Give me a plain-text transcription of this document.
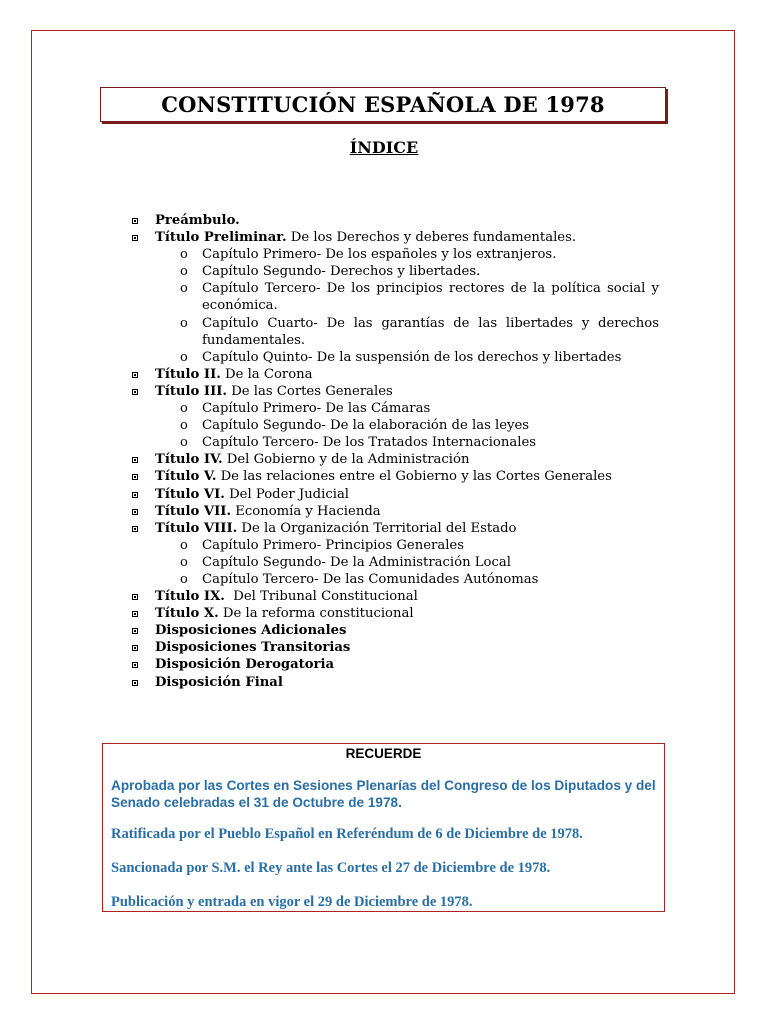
CONSTITUCIÓN ESPAÑOLA DE 1978
ÍNDICE
Preámbulo.
Título Preliminar. De los Derechos y deberes fundamentales.
o Capítulo Primero- De los españoles y los extranjeros.
o Capítulo Segundo- Derechos y libertades.
o Capítulo Tercero- De los principios rectores de la política social y económica.
o Capítulo Cuarto- De las garantías de las libertades y derechos fundamentales.
o Capítulo Quinto- De la suspensión de los derechos y libertades
Título II. De la Corona
Título III. De las Cortes Generales
o Capítulo Primero- De las Cámaras
o Capítulo Segundo- De la elaboración de las leyes
o Capítulo Tercero- De los Tratados Internacionales
Título IV. Del Gobierno y de la Administración
Título V. De las relaciones entre el Gobierno y las Cortes Generales
Título VI. Del Poder Judicial
Título VII. Economía y Hacienda
Título VIII. De la Organización Territorial del Estado
o Capítulo Primero- Principios Generales
o Capítulo Segundo- De la Administración Local
o Capítulo Tercero- De las Comunidades Autónomas
Título IX.  Del Tribunal Constitucional
Título X. De la reforma constitucional
Disposiciones Adicionales
Disposiciones Transitorias
Disposición Derogatoria
Disposición Final
RECUERDE
Aprobada por las Cortes en Sesiones Plenarías del Congreso de los Diputados y del Senado celebradas el 31 de Octubre de 1978.
Ratificada por el Pueblo Español en Referéndum de 6 de Diciembre de 1978.
Sancionada por S.M. el Rey ante las Cortes el 27 de Diciembre de 1978.
Publicación y entrada en vigor el 29 de Diciembre de 1978.
